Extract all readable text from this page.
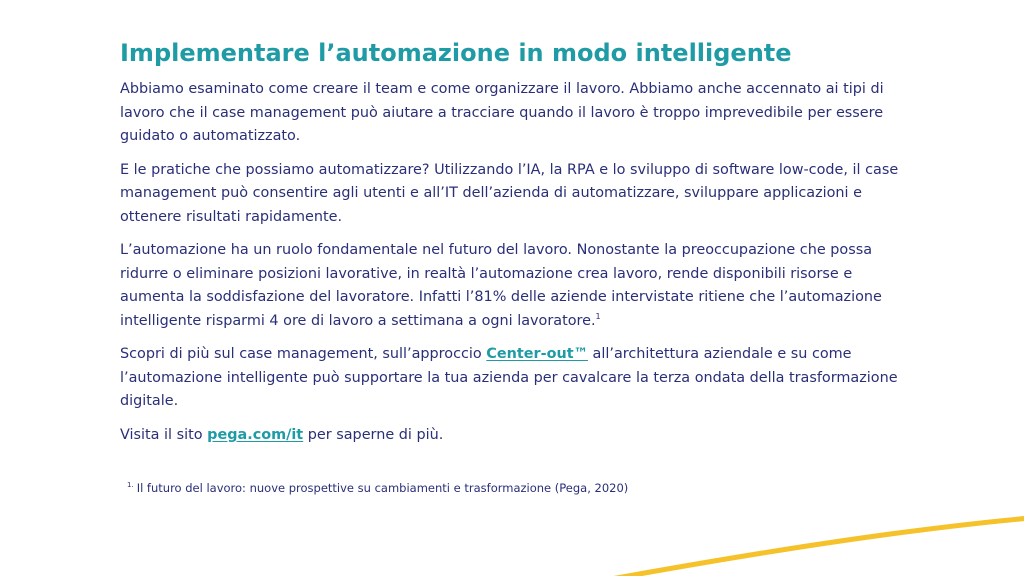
Implementare l’automazione in modo intelligente

Abbiamo esaminato come creare il team e come organizzare il lavoro. Abbiamo anche accennato ai tipi di lavoro che il case management può aiutare a tracciare quando il lavoro è troppo imprevedibile per essere guidato o automatizzato.

E le pratiche che possiamo automatizzare? Utilizzando l’IA, la RPA e lo sviluppo di software low-code, il case management può consentire agli utenti e all’IT dell’azienda di automatizzare, sviluppare applicazioni e ottenere risultati rapidamente.

L’automazione ha un ruolo fondamentale nel futuro del lavoro. Nonostante la preoccupazione che possa ridurre o eliminare posizioni lavorative, in realtà l’automazione crea lavoro, rende disponibili risorse e aumenta la soddisfazione del lavoratore. Infatti l’81% delle aziende intervistate ritiene che l’automazione intelligente risparmi 4 ore di lavoro a settimana a ogni lavoratore.$^1$

Scopri di più sul case management, sull’approccio Center-out™ all’architettura aziendale e su come l’automazione intelligente può supportare la tua azienda per cavalcare la terza ondata della trasformazione digitale.

Visita il sito pega.com/it per saperne di più.

$^{1.}$ Il futuro del lavoro: nuove prospettive su cambiamenti e trasformazione (Pega, 2020)
